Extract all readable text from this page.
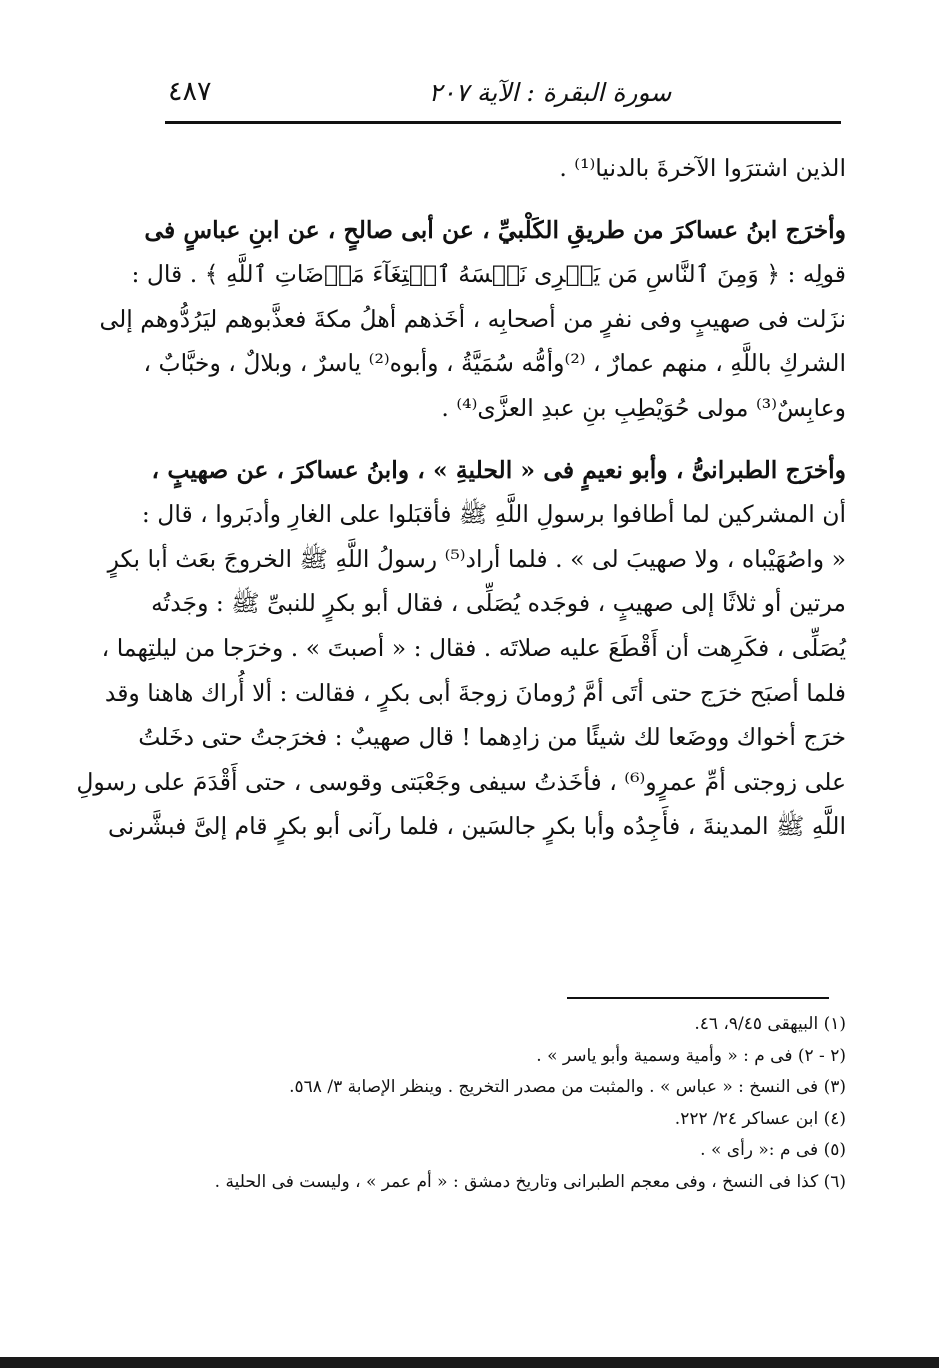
٤٨٧	سورة البقرة : الآية ٢٠٧

الذين اشترَوا الآخرةَ بالدنيا⁽¹⁾ .

وأخرَج ابنُ عساكرَ من طريقِ الكَلْبيِّ ، عن أبى صالحٍ ، عن ابنِ عباسٍ فى
قولِه : ﴿ وَمِنَ ٱلنَّاسِ مَن يَشۡرِى نَفۡسَهُ ٱبۡتِغَآءَ مَرۡضَاتِ ٱللَّهِ ﴾ . قال :
نزَلت فى صهيبٍ وفى نفرٍ من أصحابِه ، أخَذهم أهلُ مكةَ فعذَّبوهم ليَرُدُّوهم إلى
الشركِ باللَّهِ ، منهم عمارٌ ، ⁽²⁾وأمُّه سُمَيَّةُ ، وأبوه⁽²⁾ ياسرٌ ، وبلالٌ ، وخبَّابٌ ،
وعابِسٌ⁽³⁾ مولى حُوَيْطِبِ بنِ عبدِ العزَّى⁽⁴⁾ .

وأخرَج الطبرانىُّ ، وأبو نعيمٍ فى « الحليةِ » ، وابنُ عساكرَ ، عن صهيبٍ ،
أن المشركين لما أطافوا برسولِ اللَّهِ ﷺ فأقبَلوا على الغارِ وأدبَروا ، قال :
« واصُهَيْباه ، ولا صهيبَ لى » . فلما أراد⁽⁵⁾ رسولُ اللَّهِ ﷺ الخروجَ بعَث أبا بكرٍ
مرتين أو ثلاثًا إلى صهيبٍ ، فوجَده يُصَلِّى ، فقال أبو بكرٍ للنبىِّ ﷺ : وجَدتُه
يُصَلِّى ، فكَرِهت أن أَقْطَعَ عليه صلاتَه . فقال : « أصبتَ » . وخرَجا من ليلتِهما ،
فلما أصبَح خرَج حتى أتَى أمَّ رُومانَ زوجةَ أبى بكرٍ ، فقالت : ألا أُراك هاهنا وقد
خرَج أخواك ووضَعا لك شيئًا من زادِهما ! قال صهيبٌ : فخرَجتُ حتى دخَلتُ
على زوجتى أمِّ عمرٍو⁽⁶⁾ ، فأخَذتُ سيفى وجَعْبَتى وقوسى ، حتى أَقْدَمَ على رسولِ
اللَّهِ ﷺ المدينةَ ، فأَجِدُه وأبا بكرٍ جالسَين ، فلما رآنى أبو بكرٍ قام إلىَّ فبشَّرنى

(١) البيهقى ٩/٤٥، ٤٦.
(٢ - ٢) فى م : « وأمية وسمية وأبو ياسر » .
(٣) فى النسخ : « عباس » . والمثبت من مصدر التخريج . وينظر الإصابة ٣/ ٥٦٨.
(٤) ابن عساكر ٢٤/ ٢٢٢.
(٥) فى م :« رأى » .
(٦) كذا فى النسخ ، وفى معجم الطبرانى وتاريخ دمشق : « أم عمر » ، وليست فى الحلية .
